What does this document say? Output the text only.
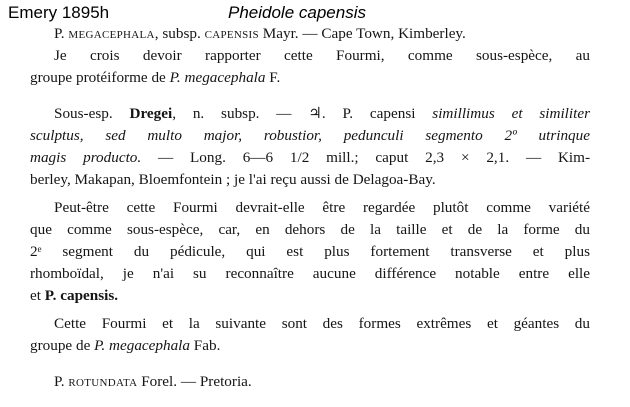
Emery 1895h	Pheidole capensis

P. megacephala, subsp. capensis Mayr. — Cape Town, Kimberley.

Je crois devoir rapporter cette Fourmi, comme sous-espèce, au
groupe protéiforme de P. megacephala F.

Sous-esp. Dregei, n. subsp. — ♃. P. capensi simillimus et similiter
sculptus, sed multo major, robustior, pedunculi segmento 2º utrinque
magis producto. — Long. 6—6 1/2 mill.; caput 2,3 × 2,1. — Kim-
berley, Makapan, Bloemfontein ; je l'ai reçu aussi de Delagoa-Bay.

Peut-être cette Fourmi devrait-elle être regardée plutôt comme variété
que comme sous-espèce, car, en dehors de la taille et de la forme du
2ᵉ segment du pédicule, qui est plus fortement transverse et plus
rhomboïdal, je n'ai su reconnaître aucune différence notable entre elle
et P. capensis.

Cette Fourmi et la suivante sont des formes extrêmes et géantes du
groupe de P. megacephala Fab.

P. rotundata Forel. — Pretoria.
